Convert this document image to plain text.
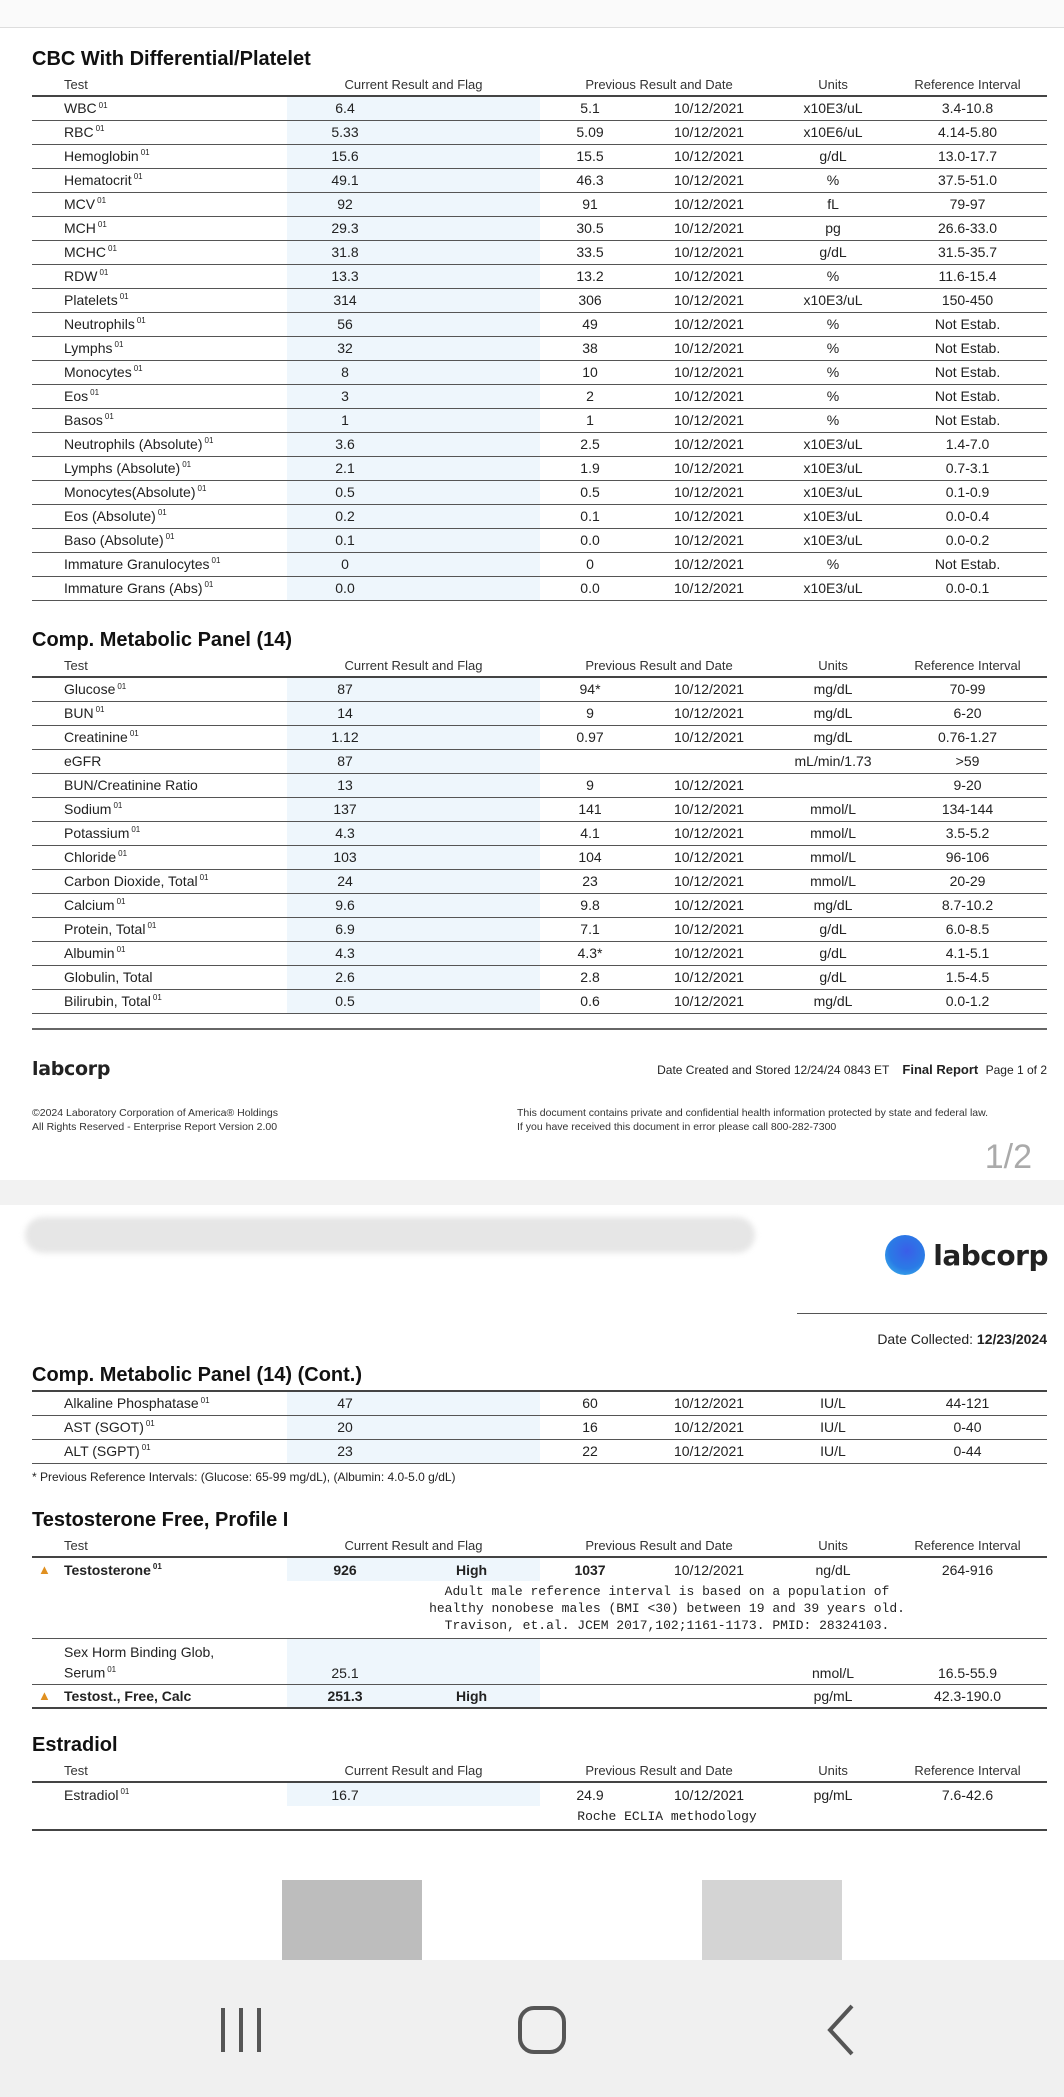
CBC With Differential/Platelet
Test	Current Result and Flag		Previous Result and Date		Units	Reference Interval
WBC $^{01}$	6.4		5.1	10/12/2021	x10E3/uL	3.4-10.8
RBC $^{01}$	5.33		5.09	10/12/2021	x10E6/uL	4.14-5.80
Hemoglobin $^{01}$	15.6		15.5	10/12/2021	g/dL	13.0-17.7
Hematocrit $^{01}$	49.1		46.3	10/12/2021	%	37.5-51.0
MCV $^{01}$	92		91	10/12/2021	fL	79-97
MCH $^{01}$	29.3		30.5	10/12/2021	pg	26.6-33.0
MCHC $^{01}$	31.8		33.5	10/12/2021	g/dL	31.5-35.7
RDW $^{01}$	13.3		13.2	10/12/2021	%	11.6-15.4
Platelets $^{01}$	314		306	10/12/2021	x10E3/uL	150-450
Neutrophils $^{01}$	56		49	10/12/2021	%	Not Estab.
Lymphs $^{01}$	32		38	10/12/2021	%	Not Estab.
Monocytes $^{01}$	8		10	10/12/2021	%	Not Estab.
Eos $^{01}$	3		2	10/12/2021	%	Not Estab.
Basos $^{01}$	1		1	10/12/2021	%	Not Estab.
Neutrophils (Absolute) $^{01}$	3.6		2.5	10/12/2021	x10E3/uL	1.4-7.0
Lymphs (Absolute) $^{01}$	2.1		1.9	10/12/2021	x10E3/uL	0.7-3.1
Monocytes(Absolute) $^{01}$	0.5		0.5	10/12/2021	x10E3/uL	0.1-0.9
Eos (Absolute) $^{01}$	0.2		0.1	10/12/2021	x10E3/uL	0.0-0.4
Baso (Absolute) $^{01}$	0.1		0.0	10/12/2021	x10E3/uL	0.0-0.2
Immature Granulocytes $^{01}$	0		0	10/12/2021	%	Not Estab.
Immature Grans (Abs) $^{01}$	0.0		0.0	10/12/2021	x10E3/uL	0.0-0.1
Comp. Metabolic Panel (14)
Test	Current Result and Flag		Previous Result and Date		Units	Reference Interval
Glucose $^{01}$	87		94*	10/12/2021	mg/dL	70-99
BUN $^{01}$	14		9	10/12/2021	mg/dL	6-20
Creatinine $^{01}$	1.12		0.97	10/12/2021	mg/dL	0.76-1.27
eGFR	87				mL/min/1.73	>59
BUN/Creatinine Ratio	13		9	10/12/2021		9-20
Sodium $^{01}$	137		141	10/12/2021	mmol/L	134-144
Potassium $^{01}$	4.3		4.1	10/12/2021	mmol/L	3.5-5.2
Chloride $^{01}$	103		104	10/12/2021	mmol/L	96-106
Carbon Dioxide, Total $^{01}$	24		23	10/12/2021	mmol/L	20-29
Calcium $^{01}$	9.6		9.8	10/12/2021	mg/dL	8.7-10.2
Protein, Total $^{01}$	6.9		7.1	10/12/2021	g/dL	6.0-8.5
Albumin $^{01}$	4.3		4.3*	10/12/2021	g/dL	4.1-5.1
Globulin, Total	2.6		2.8	10/12/2021	g/dL	1.5-4.5
Bilirubin, Total $^{01}$	0.5		0.6	10/12/2021	mg/dL	0.0-1.2
labcorp	Date Created and Stored 12/24/24 0843 ET Final Report Page 1 of 2
©2024 Laboratory Corporation of America® Holdings
All Rights Reserved - Enterprise Report Version 2.00
This document contains private and confidential health information protected by state and federal law.
If you have received this document in error please call 800-282-7300
1/2
labcorp
Date Collected: 12/23/2024
Comp. Metabolic Panel (14) (Cont.)
Alkaline Phosphatase $^{01}$	47		60	10/12/2021	IU/L	44-121
AST (SGOT) $^{01}$	20		16	10/12/2021	IU/L	0-40
ALT (SGPT) $^{01}$	23		22	10/12/2021	IU/L	0-44
* Previous Reference Intervals: (Glucose: 65-99 mg/dL), (Albumin: 4.0-5.0 g/dL)
Testosterone Free, Profile I
Test	Current Result and Flag		Previous Result and Date		Units	Reference Interval

▲ Testosterone $^{01}$	926	High	1037	10/12/2021	ng/dL	264-916

	Adult male reference interval is based on a population of
healthy nonobese males (BMI <30) between 19 and 39 years old.
Travison, et.al. JCEM 2017,102;1161-1173. PMID: 28324103.					

Sex Horm Binding Glob,
Serum $^{01}$	25.1				nmol/L	16.5-55.9

▲ Testost., Free, Calc	251.3	High			pg/mL	42.3-190.0
Estradiol
Test	Current Result and Flag		Previous Result and Date		Units	Reference Interval
Estradiol $^{01}$	16.7		24.9	10/12/2021	pg/mL	7.6-42.6

	Roche ECLIA methodology					
